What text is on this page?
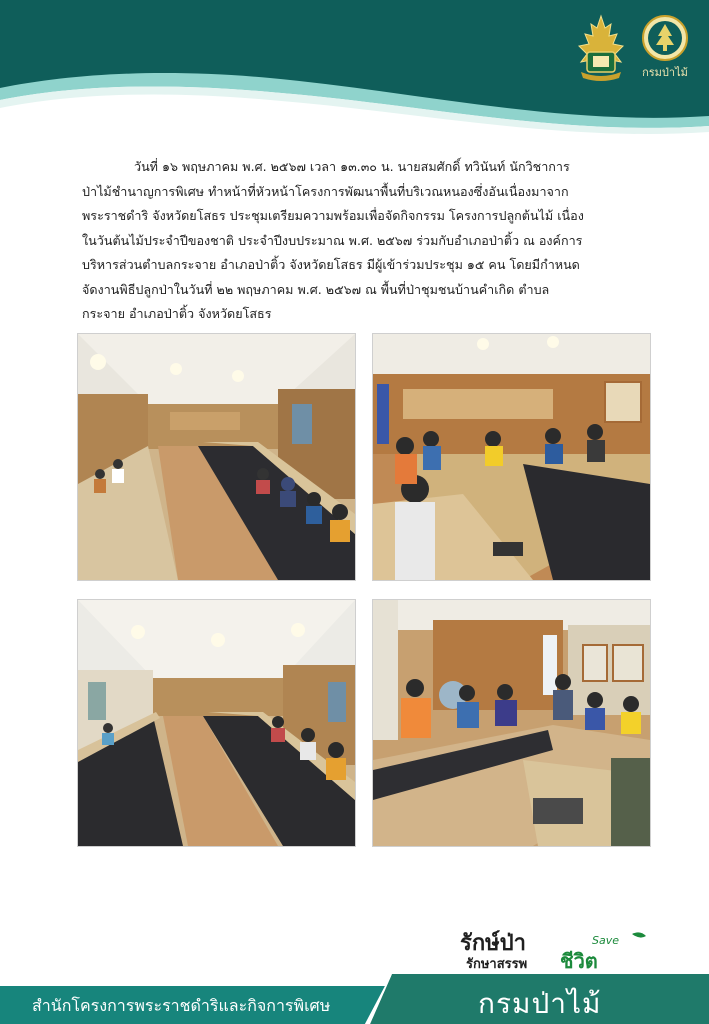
กรมป่าไม้
วันที่ ๑๖ พฤษภาคม พ.ศ. ๒๕๖๗ เวลา ๑๓.๓๐ น. นายสมศักดิ์ ทวินันท์ นักวิชาการ
ป่าไม้ชำนาญการพิเศษ ทำหน้าที่หัวหน้าโครงการพัฒนาพื้นที่บริเวณหนองซึ่งอันเนื่องมาจาก
พระราชดำริ จังหวัดยโสธร ประชุมเตรียมความพร้อมเพื่อจัดกิจกรรม โครงการปลูกต้นไม้ เนื่อง
ในวันต้นไม้ประจำปีของชาติ ประจำปีงบประมาณ พ.ศ. ๒๕๖๗ ร่วมกับอำเภอป่าติ้ว ณ องค์การ
บริหารส่วนตำบลกระจาย อำเภอป่าติ้ว จังหวัดยโสธร มีผู้เข้าร่วมประชุม ๑๕ คน โดยมีกำหนด
จัดงานพิธีปลูกป่าในวันที่ ๒๒ พฤษภาคม พ.ศ. ๒๕๖๗ ณ พื้นที่ป่าชุมชนบ้านคำเกิด ตำบล
กระจาย อำเภอป่าติ้ว จังหวัดยโสธร
รักษ์ป่า
รักษาสรรพ
Save
ชีวิต
สำนักโครงการพระราชดำริและกิจการพิเศษ	กรมป่าไม้
